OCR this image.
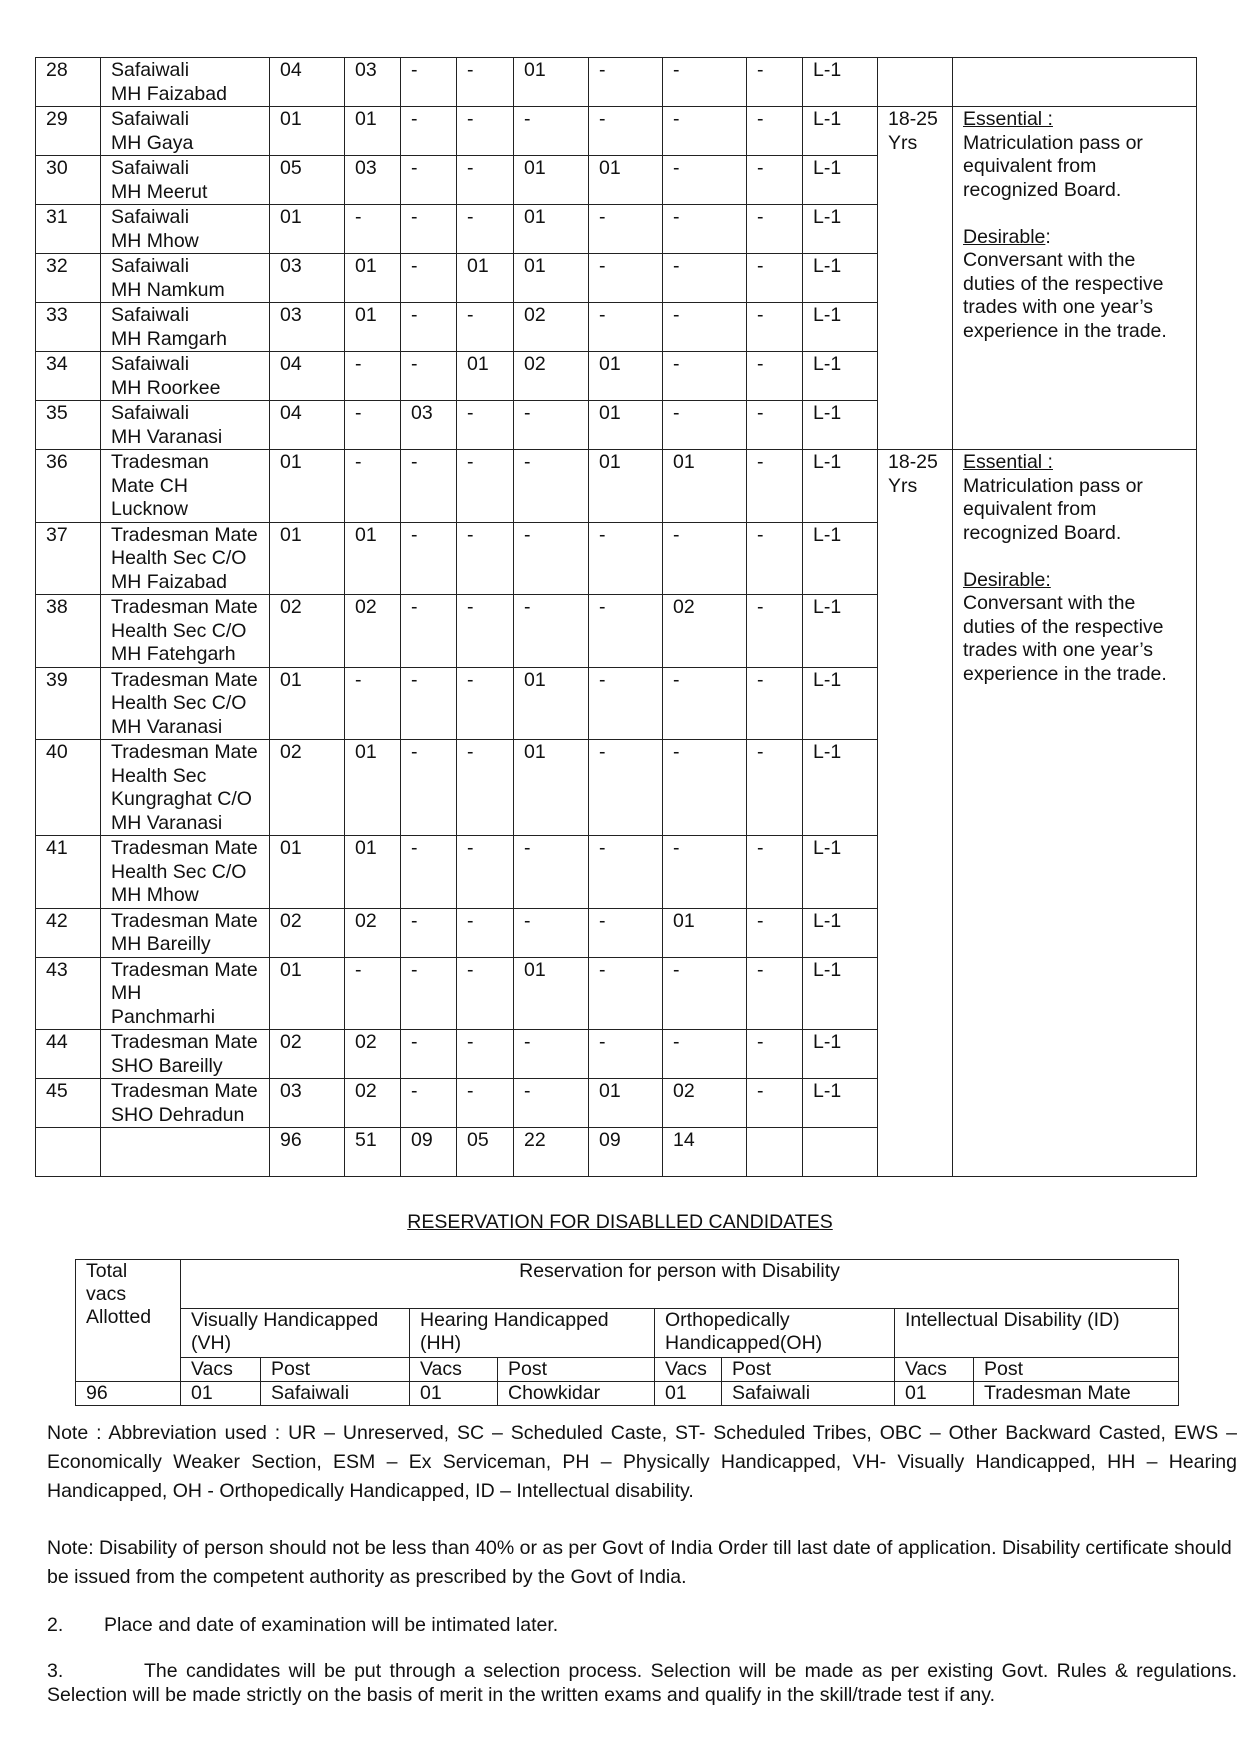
28	Safaiwali
MH Faizabad	04	03	-	-	01	-	-	-	L-1		
29	Safaiwali
MH Gaya	01	01	-	-	-	-	-	-	L-1	18-25
Yrs	Essential :
Matriculation pass or equivalent from recognized Board.

Desirable:
Conversant with the duties of the respective trades with one year’s experience in the trade.
30	Safaiwali
MH Meerut	05	03	-	-	01	01	-	-	L-1		
31	Safaiwali
MH Mhow	01	-	-	-	01	-	-	-	L-1		
32	Safaiwali
MH Namkum	03	01	-	01	01	-	-	-	L-1		
33	Safaiwali
MH Ramgarh	03	01	-	-	02	-	-	-	L-1		
34	Safaiwali
MH Roorkee	04	-	-	01	02	01	-	-	L-1		
35	Safaiwali
MH Varanasi	04	-	03	-	-	01	-	-	L-1		
36	Tradesman
Mate CH
Lucknow	01	-	-	-	-	01	01	-	L-1	18-25
Yrs	Essential :
Matriculation pass or equivalent from recognized Board.

Desirable:
Conversant with the duties of the respective trades with one year’s experience in the trade.
37	Tradesman Mate
Health Sec C/O
MH Faizabad	01	01	-	-	-	-	-	-	L-1		
38	Tradesman Mate
Health Sec C/O
MH Fatehgarh	02	02	-	-	-	-	02	-	L-1		
39	Tradesman Mate
Health Sec C/O
MH Varanasi	01	-	-	-	01	-	-	-	L-1		
40	Tradesman Mate
Health Sec
Kungraghat C/O
MH Varanasi	02	01	-	-	01	-	-	-	L-1		
41	Tradesman Mate
Health Sec C/O
MH Mhow	01	01	-	-	-	-	-	-	L-1		
42	Tradesman Mate
MH Bareilly	02	02	-	-	-	-	01	-	L-1		
43	Tradesman Mate
MH
Panchmarhi	01	-	-	-	01	-	-	-	L-1		
44	Tradesman Mate
SHO Bareilly	02	02	-	-	-	-	-	-	L-1		
45	Tradesman Mate
SHO Dehradun	03	02	-	-	-	01	02	-	L-1		
		96	51	09	05	22	09	14				
RESERVATION FOR DISABLLED CANDIDATES
Total
vacs
Allotted	Reservation for person with Disability							
	Visually Handicapped (VH)		Hearing Handicapped (HH)		Orthopedically Handicapped(OH)		Intellectual Disability (ID)	
	Vacs	Post	Vacs	Post	Vacs	Post	Vacs	Post
96	01	Safaiwali	01	Chowkidar	01	Safaiwali	01	Tradesman Mate

Note : Abbreviation used : UR – Unreserved, SC – Scheduled Caste, ST- Scheduled Tribes, OBC – Other Backward Casted, EWS – Economically Weaker Section, ESM – Ex Serviceman, PH – Physically Handicapped, VH- Visually Handicapped, HH – Hearing Handicapped, OH - Orthopedically Handicapped, ID – Intellectual disability.

Note: Disability of person should not be less than 40% or as per Govt of India Order till last date of application. Disability certificate should be issued from the competent authority as prescribed by the Govt of India.

2. Place and date of examination will be intimated later.

3.	The candidates will be put through a selection process. Selection will be made as per existing Govt. Rules & regulations. Selection will be made strictly on the basis of merit in the written exams and qualify in the skill/trade test if any.
